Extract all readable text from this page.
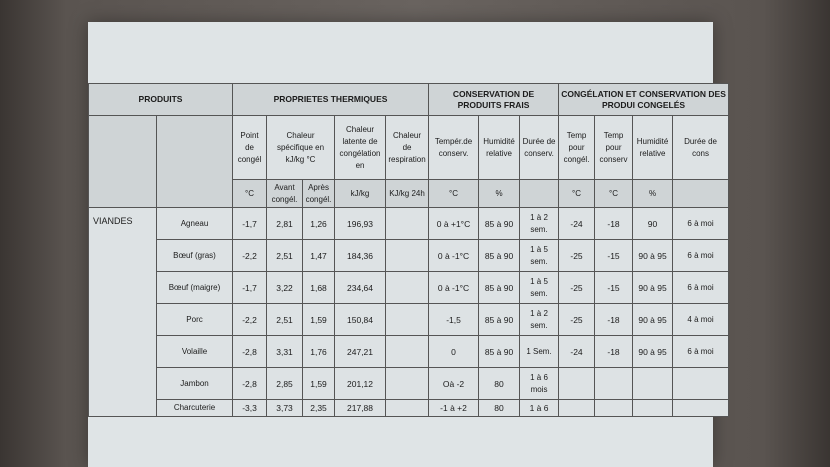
PRODUITS		PROPRIETES THERMIQUES					CONSERVATION DE PRODUITS FRAIS			CONGÉLATION ET CONSERVATION DES PRODUI CONGELÉS			
		Point de congél	Chaleur spécifique en kJ/kg °C		Chaleur latente de congélation en	Chaleur de respiration	Tempér.de conserv.	Humidité relative	Durée de conserv.	Temp pour congél.	Temp pour conserv	Humidité relative	Durée de cons
		°C	Avant congél.	Après congél.	kJ/kg	KJ/kg 24h	°C	%		°C	°C	%	
VIANDES	Agneau	-1,7	2,81	1,26	196,93		0 à +1°C	85 à 90	1 à 2 sem.	-24	-18	90	6 à moi
	Bœuf (gras)	-2,2	2,51	1,47	184,36		0 à -1°C	85 à 90	1 à 5 sem.	-25	-15	90 à 95	6 à moi
	Bœuf (maigre)	-1,7	3,22	1,68	234,64		0 à -1°C	85 à 90	1 à 5 sem.	-25	-15	90 à 95	6 à moi
	Porc	-2,2	2,51	1,59	150,84		-1,5	85 à 90	1 à 2 sem.	-25	-18	90 à 95	4 à moi
	Volaille	-2,8	3,31	1,76	247,21		0	85 à 90	1 Sem.	-24	-18	90 à 95	6 à moi
	Jambon	-2,8	2,85	1,59	201,12		Oà -2	80	1 à 6 mois				
	Charcuterie	-3,3	3,73	2,35	217,88		-1 à +2	80	1 à 6				
